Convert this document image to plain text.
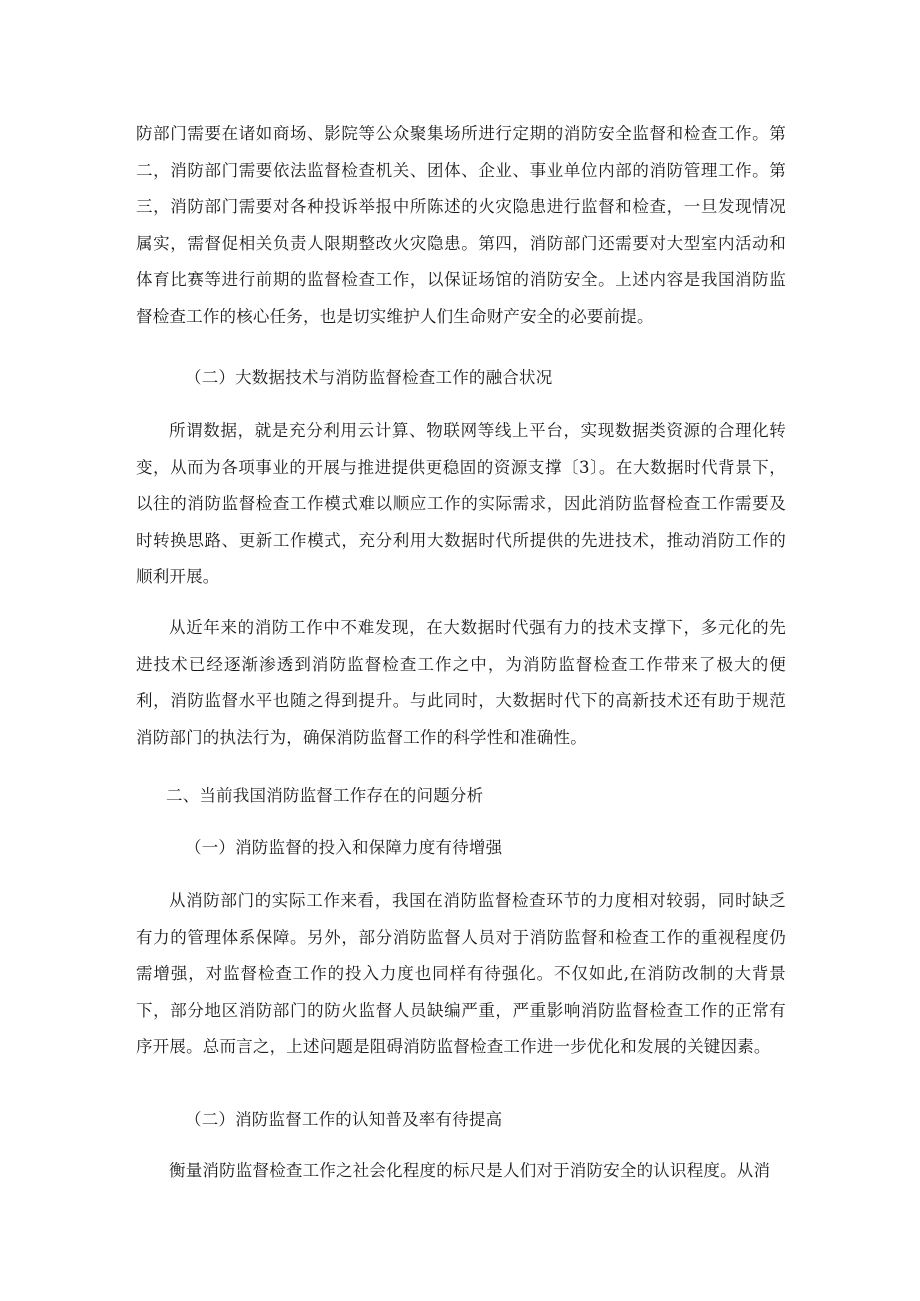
防部门需要在诸如商场、影院等公众聚集场所进行定期的消防安全监督和检查工作。第二，消防部门需要依法监督检查机关、团体、企业、事业单位内部的消防管理工作。第三，消防部门需要对各种投诉举报中所陈述的火灾隐患进行监督和检查，一旦发现情况属实，需督促相关负责人限期整改火灾隐患。第四，消防部门还需要对大型室内活动和体育比赛等进行前期的监督检查工作，以保证场馆的消防安全。上述内容是我国消防监督检查工作的核心任务，也是切实维护人们生命财产安全的必要前提。

（二）大数据技术与消防监督检查工作的融合状况

所谓数据，就是充分利用云计算、物联网等线上平台，实现数据类资源的合理化转变，从而为各项事业的开展与推进提供更稳固的资源支撑〔3〕。在大数据时代背景下，以往的消防监督检查工作模式难以顺应工作的实际需求，因此消防监督检查工作需要及时转换思路、更新工作模式，充分利用大数据时代所提供的先进技术，推动消防工作的顺利开展。

从近年来的消防工作中不难发现，在大数据时代强有力的技术支撑下，多元化的先进技术已经逐渐渗透到消防监督检查工作之中，为消防监督检查工作带来了极大的便利，消防监督水平也随之得到提升。与此同时，大数据时代下的高新技术还有助于规范消防部门的执法行为，确保消防监督工作的科学性和准确性。

二、当前我国消防监督工作存在的问题分析

（一）消防监督的投入和保障力度有待增强

从消防部门的实际工作来看，我国在消防监督检查环节的力度相对较弱，同时缺乏有力的管理体系保障。另外，部分消防监督人员对于消防监督和检查工作的重视程度仍需增强，对监督检查工作的投入力度也同样有待强化。不仅如此,在消防改制的大背景下，部分地区消防部门的防火监督人员缺编严重，严重影响消防监督检查工作的正常有序开展。总而言之，上述问题是阻碍消防监督检查工作进一步优化和发展的关键因素。

（二）消防监督工作的认知普及率有待提高

衡量消防监督检查工作之社会化程度的标尺是人们对于消防安全的认识程度。从消
